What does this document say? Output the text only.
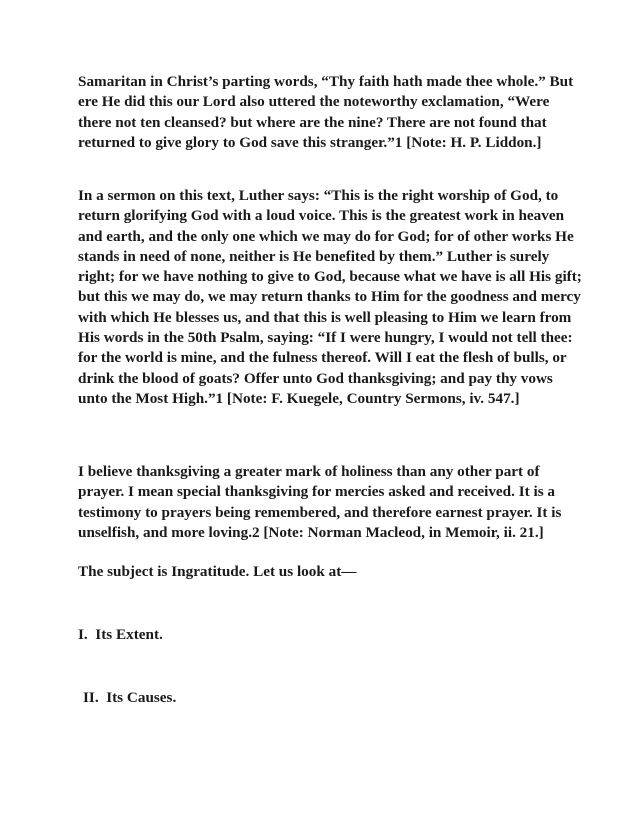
Samaritan in Christ’s parting words, “Thy faith hath made thee whole.” But
ere He did this our Lord also uttered the noteworthy exclamation, “Were
there not ten cleansed? but where are the nine? There are not found that
returned to give glory to God save this stranger.”1 [Note: H. P. Liddon.]

In a sermon on this text, Luther says: “This is the right worship of God, to
return glorifying God with a loud voice. This is the greatest work in heaven
and earth, and the only one which we may do for God; for of other works He
stands in need of none, neither is He benefited by them.” Luther is surely
right; for we have nothing to give to God, because what we have is all His gift;
but this we may do, we may return thanks to Him for the goodness and mercy
with which He blesses us, and that this is well pleasing to Him we learn from
His words in the 50th Psalm, saying: “If I were hungry, I would not tell thee:
for the world is mine, and the fulness thereof. Will I eat the flesh of bulls, or
drink the blood of goats? Offer unto God thanksgiving; and pay thy vows
unto the Most High.”1 [Note: F. Kuegele, Country Sermons, iv. 547.]

I believe thanksgiving a greater mark of holiness than any other part of
prayer. I mean special thanksgiving for mercies asked and received. It is a
testimony to prayers being remembered, and therefore earnest prayer. It is
unselfish, and more loving.2 [Note: Norman Macleod, in Memoir, ii. 21.]

The subject is Ingratitude. Let us look at—

I.  Its Extent.

II.  Its Causes.
